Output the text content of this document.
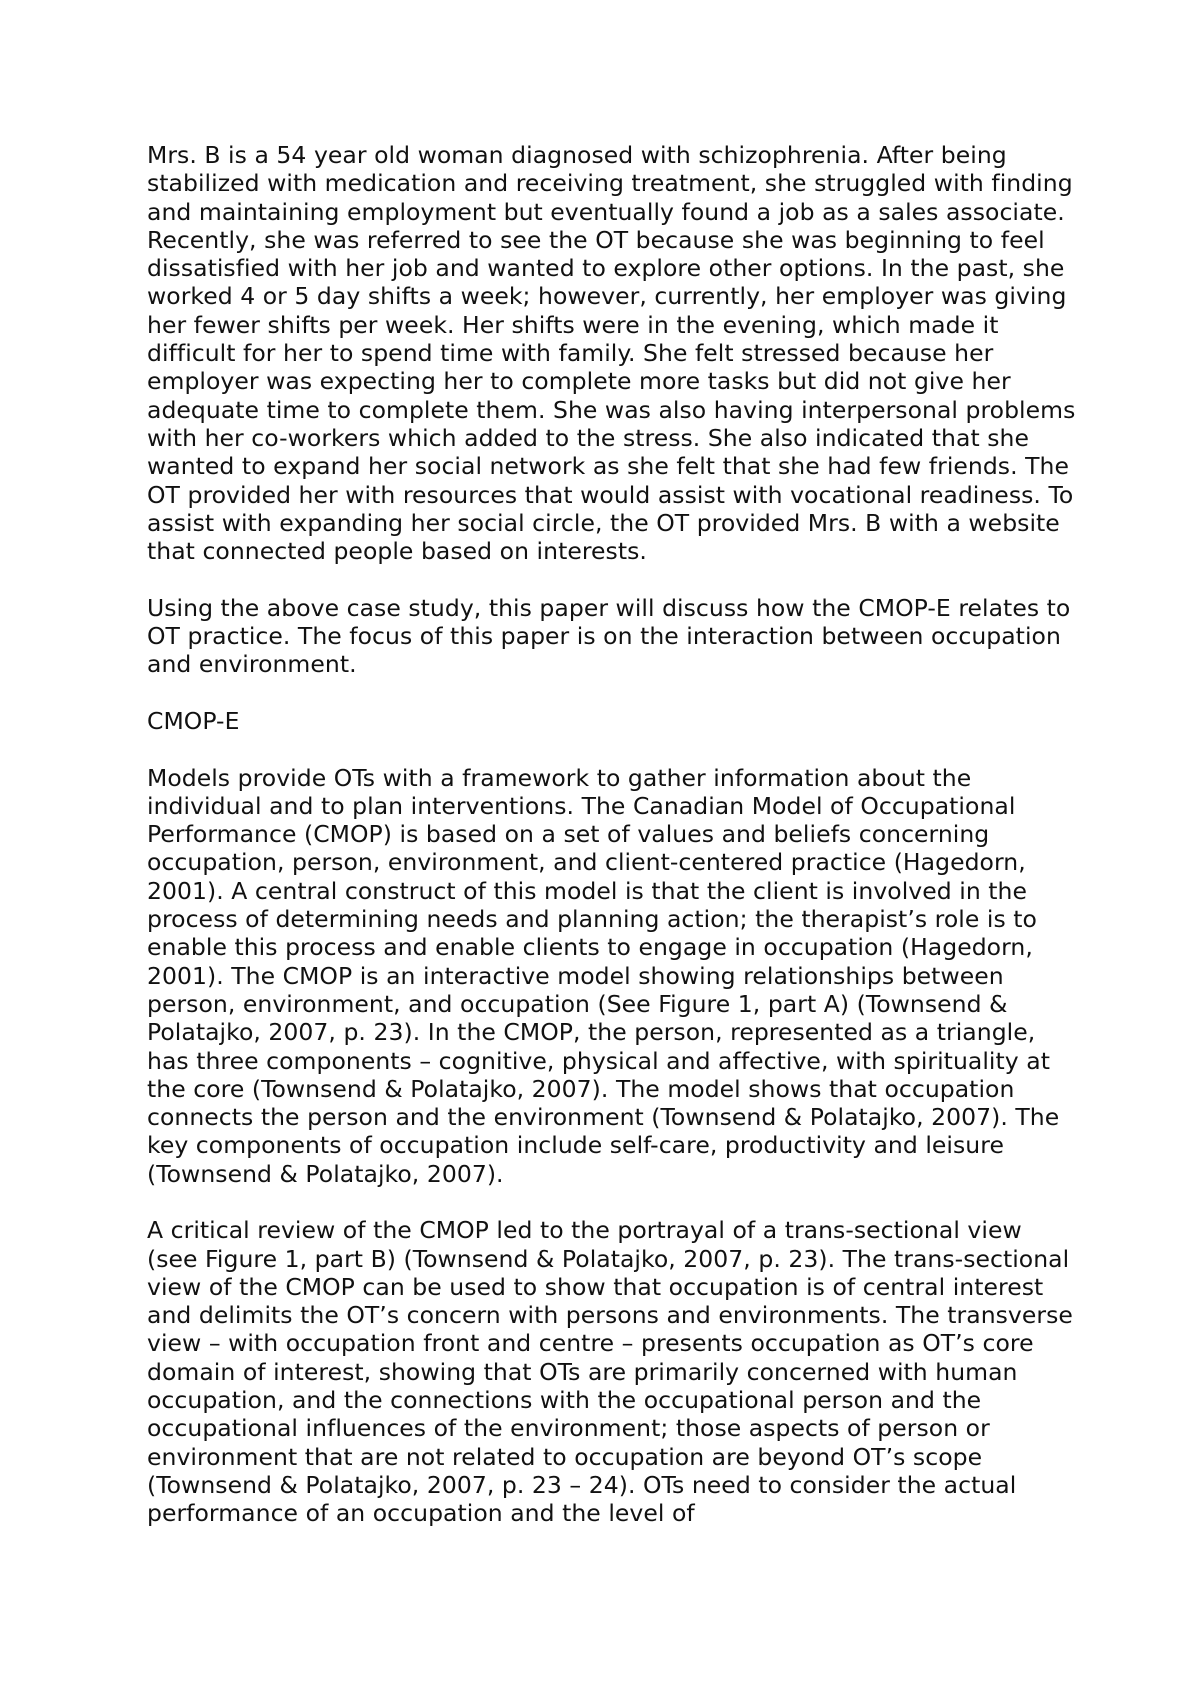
Mrs. B is a 54 year old woman diagnosed with schizophrenia. After being stabilized with medication and receiving treatment, she struggled with finding and maintaining employment but eventually found a job as a sales associate. Recently, she was referred to see the OT because she was beginning to feel dissatisfied with her job and wanted to explore other options. In the past, she worked 4 or 5 day shifts a week; however, currently, her employer was giving her fewer shifts per week. Her shifts were in the evening, which made it difficult for her to spend time with family. She felt stressed because her employer was expecting her to complete more tasks but did not give her adequate time to complete them. She was also having interpersonal problems with her co-workers which added to the stress. She also indicated that she wanted to expand her social network as she felt that she had few friends. The OT provided her with resources that would assist with vocational readiness. To assist with expanding her social circle, the OT provided Mrs. B with a website that connected people based on interests.

Using the above case study, this paper will discuss how the CMOP-E relates to OT practice. The focus of this paper is on the interaction between occupation and environment.

CMOP-E

Models provide OTs with a framework to gather information about the individual and to plan interventions. The Canadian Model of Occupational Performance (CMOP) is based on a set of values and beliefs concerning occupation, person, environment, and client-centered practice (Hagedorn, 2001). A central construct of this model is that the client is involved in the process of determining needs and planning action; the therapist’s role is to enable this process and enable clients to engage in occupation (Hagedorn, 2001). The CMOP is an interactive model showing relationships between person, environment, and occupation (See Figure 1, part A) (Townsend & Polatajko, 2007, p. 23). In the CMOP, the person, represented as a triangle, has three components – cognitive, physical and affective, with spirituality at the core (Townsend & Polatajko, 2007). The model shows that occupation connects the person and the environment (Townsend & Polatajko, 2007). The key components of occupation include self-care, productivity and leisure (Townsend & Polatajko, 2007).

A critical review of the CMOP led to the portrayal of a trans-sectional view (see Figure 1, part B) (Townsend & Polatajko, 2007, p. 23). The trans-sectional view of the CMOP can be used to show that occupation is of central interest and delimits the OT’s concern with persons and environments. The transverse view – with occupation front and centre – presents occupation as OT’s core domain of interest, showing that OTs are primarily concerned with human occupation, and the connections with the occupational person and the occupational influences of the environment; those aspects of person or environment that are not related to occupation are beyond OT’s scope (Townsend & Polatajko, 2007, p. 23 – 24). OTs need to consider the actual performance of an occupation and the level of
